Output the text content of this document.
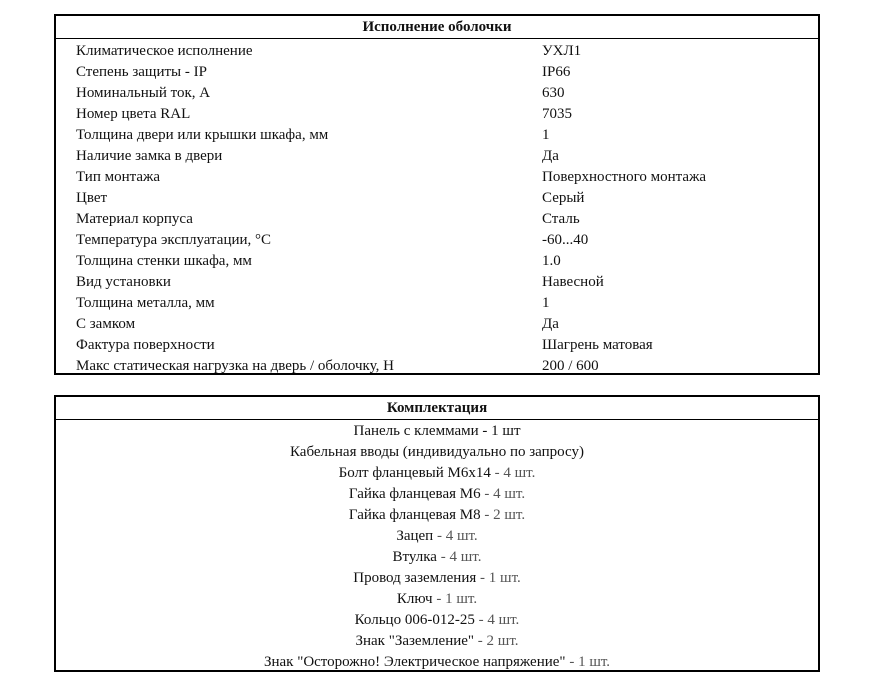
Исполнение оболочки
Климатическое исполнение	УХЛ1
Степень защиты - IP	IP66
Номинальный ток, А	630
Номер цвета RAL	7035
Толщина двери или крышки шкафа, мм	1
Наличие замка в двери	Да
Тип монтажа	Поверхностного монтажа
Цвет	Серый
Материал корпуса	Сталь
Температура эксплуатации, °С	-60...40
Толщина стенки шкафа, мм	1.0
Вид установки	Навесной
Толщина металла, мм	1
С замком	Да
Фактура поверхности	Шагрень матовая
Макс статическая нагрузка на дверь / оболочку, Н	200 / 600
Комплектация
Панель с клеммами - 1 шт
Кабельная вводы (индивидуально по запросу)
Болт фланцевый М6х14 - 4 шт.
Гайка фланцевая М6 - 4 шт.
Гайка фланцевая М8 - 2 шт.
Зацеп - 4 шт.
Втулка - 4 шт.
Провод заземления - 1 шт.
Ключ - 1 шт.
Кольцо 006-012-25 - 4 шт.
Знак "Заземление" - 2 шт.
Знак "Осторожно! Электрическое напряжение" - 1 шт.
